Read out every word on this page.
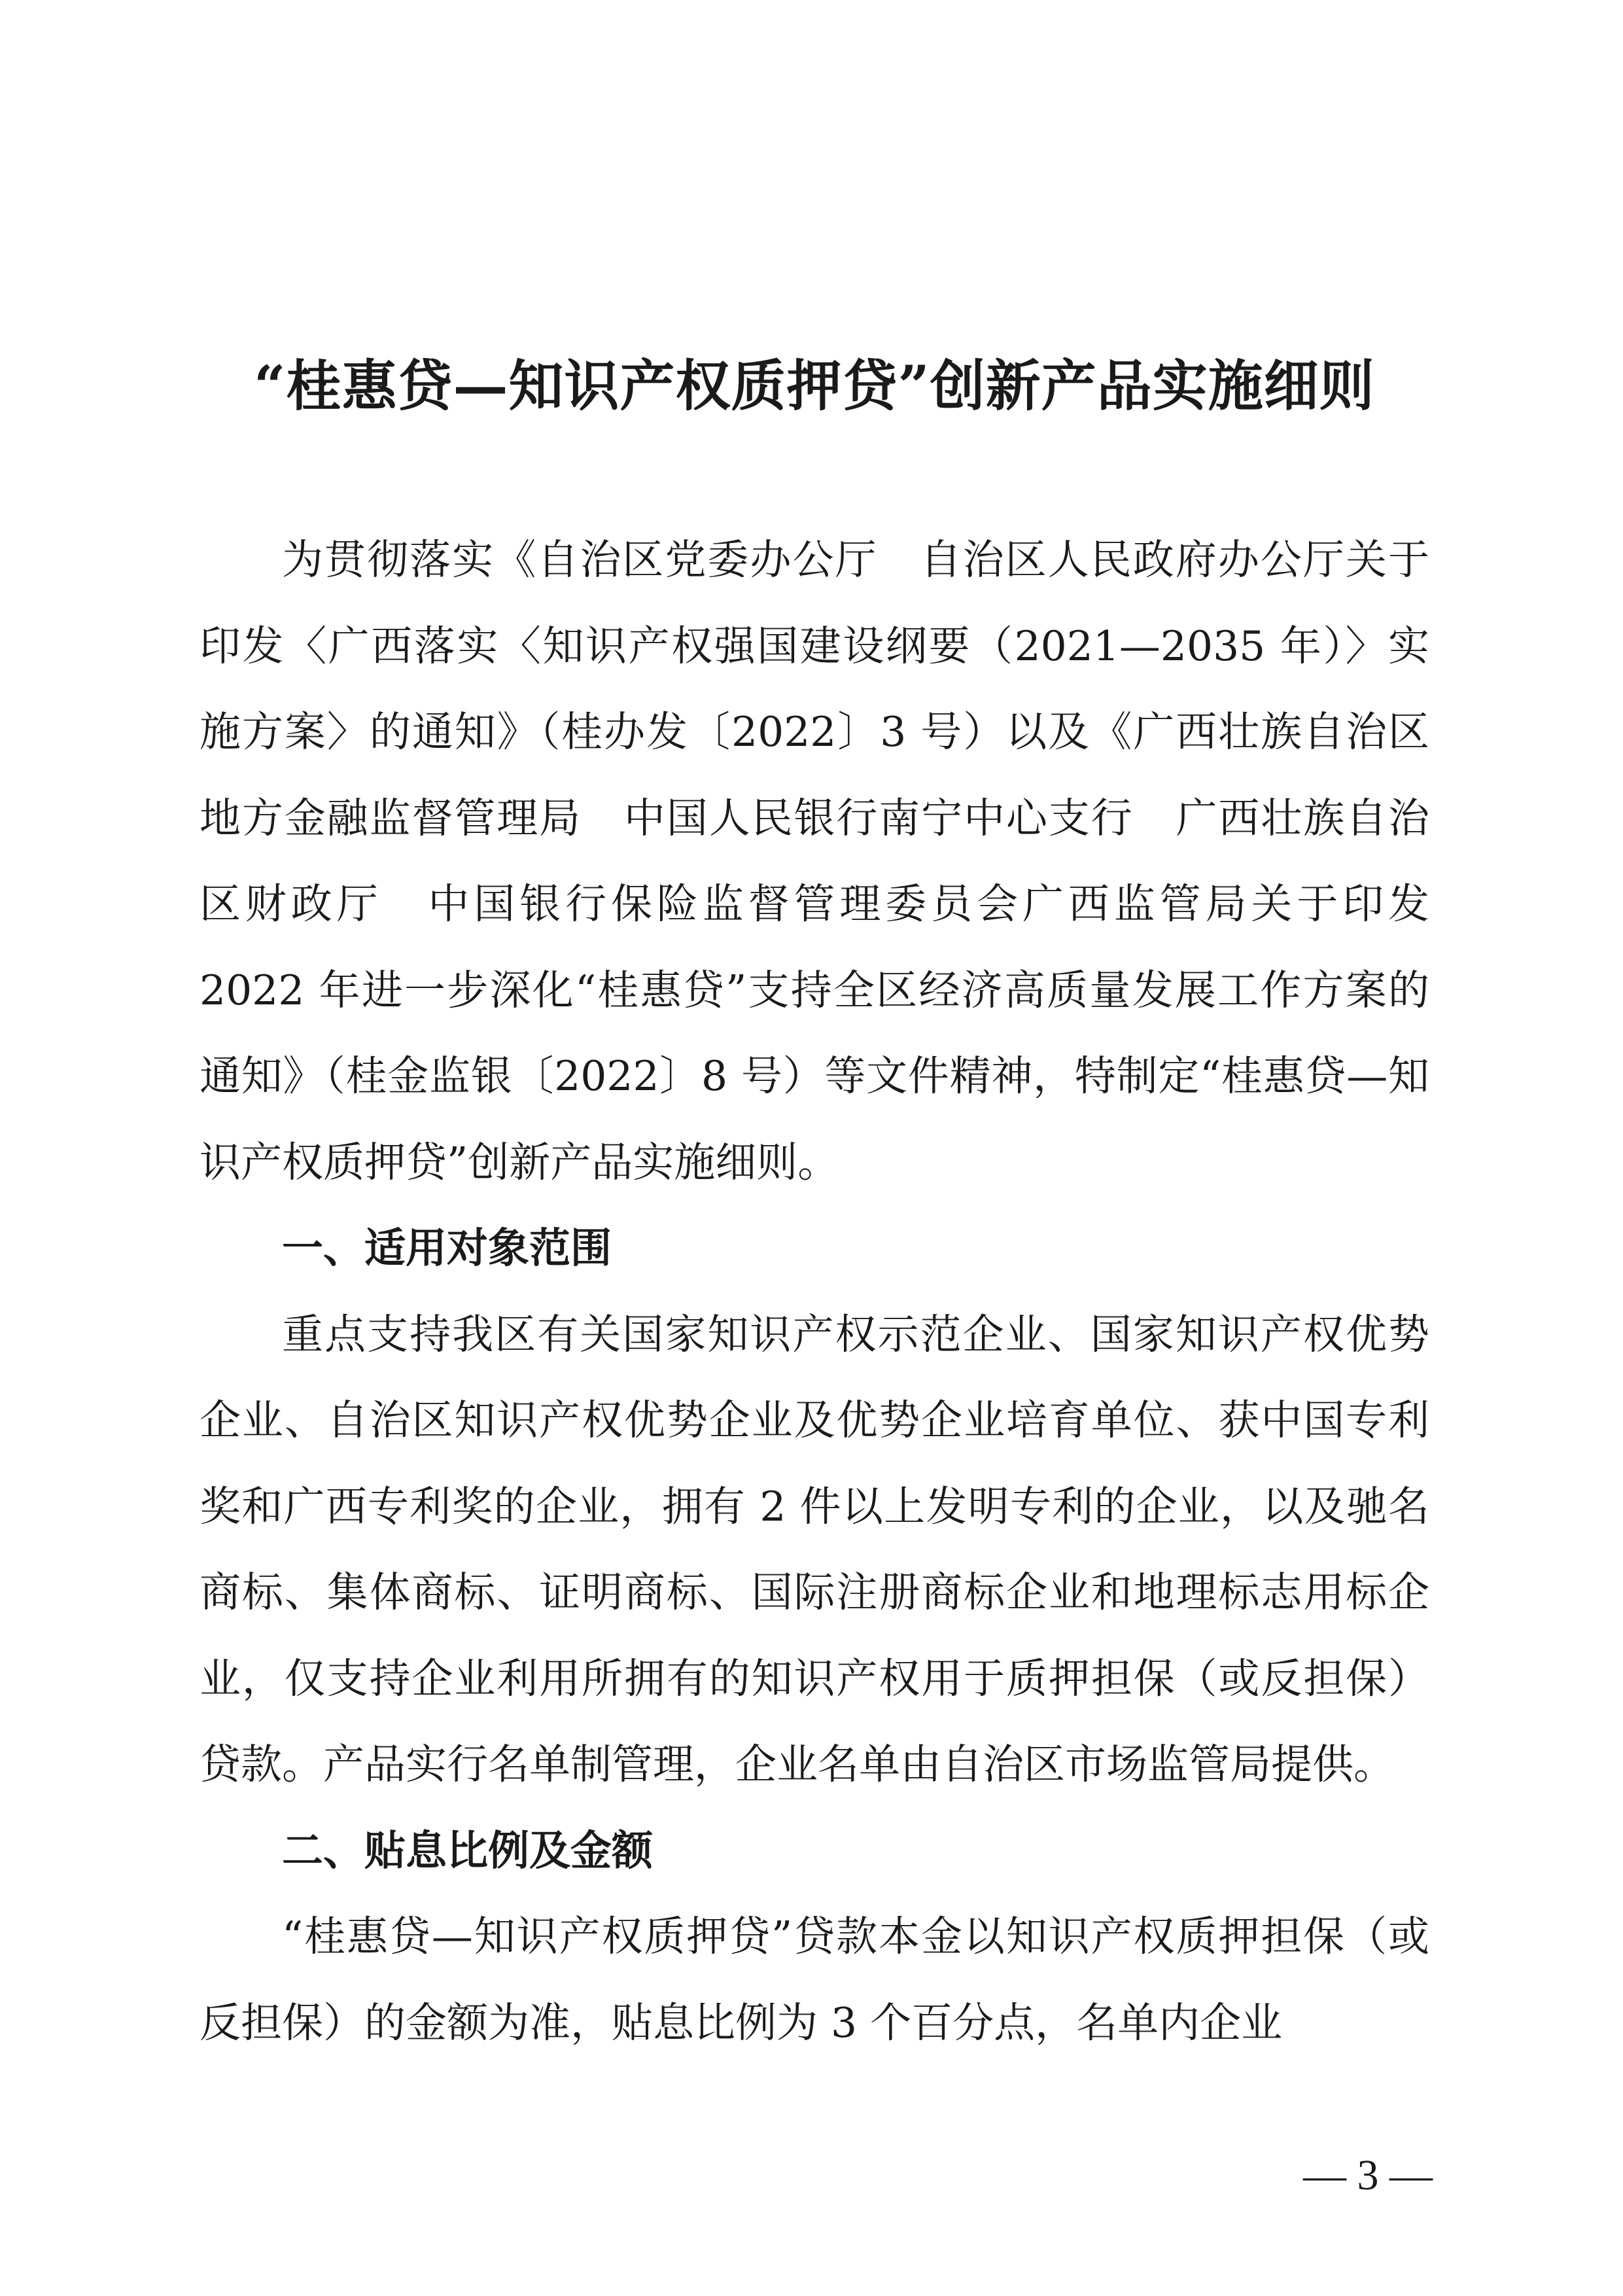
“桂惠贷—知识产权质押贷”创新产品实施细则

为贯彻落实《自治区党委办公厅　自治区人民政府办公厅关于印发〈广西落实〈知识产权强国建设纲要（2021—2035 年）〉实施方案〉的通知》（桂办发〔2022〕3 号）以及《广西壮族自治区地方金融监督管理局　中国人民银行南宁中心支行　广西壮族自治区财政厅　中国银行保险监督管理委员会广西监管局关于印发 2022 年进一步深化“桂惠贷”支持全区经济高质量发展工作方案的通知》（桂金监银〔2022〕8 号）等文件精神，特制定“桂惠贷—知识产权质押贷”创新产品实施细则。

一、适用对象范围

重点支持我区有关国家知识产权示范企业、国家知识产权优势企业、自治区知识产权优势企业及优势企业培育单位、获中国专利奖和广西专利奖的企业，拥有 2 件以上发明专利的企业，以及驰名商标、集体商标、证明商标、国际注册商标企业和地理标志用标企业，仅支持企业利用所拥有的知识产权用于质押担保（或反担保）贷款。产品实行名单制管理，企业名单由自治区市场监管局提供。

二、贴息比例及金额

“桂惠贷—知识产权质押贷”贷款本金以知识产权质押担保（或反担保）的金额为准，贴息比例为 3 个百分点，名单内企业

— 3 —
